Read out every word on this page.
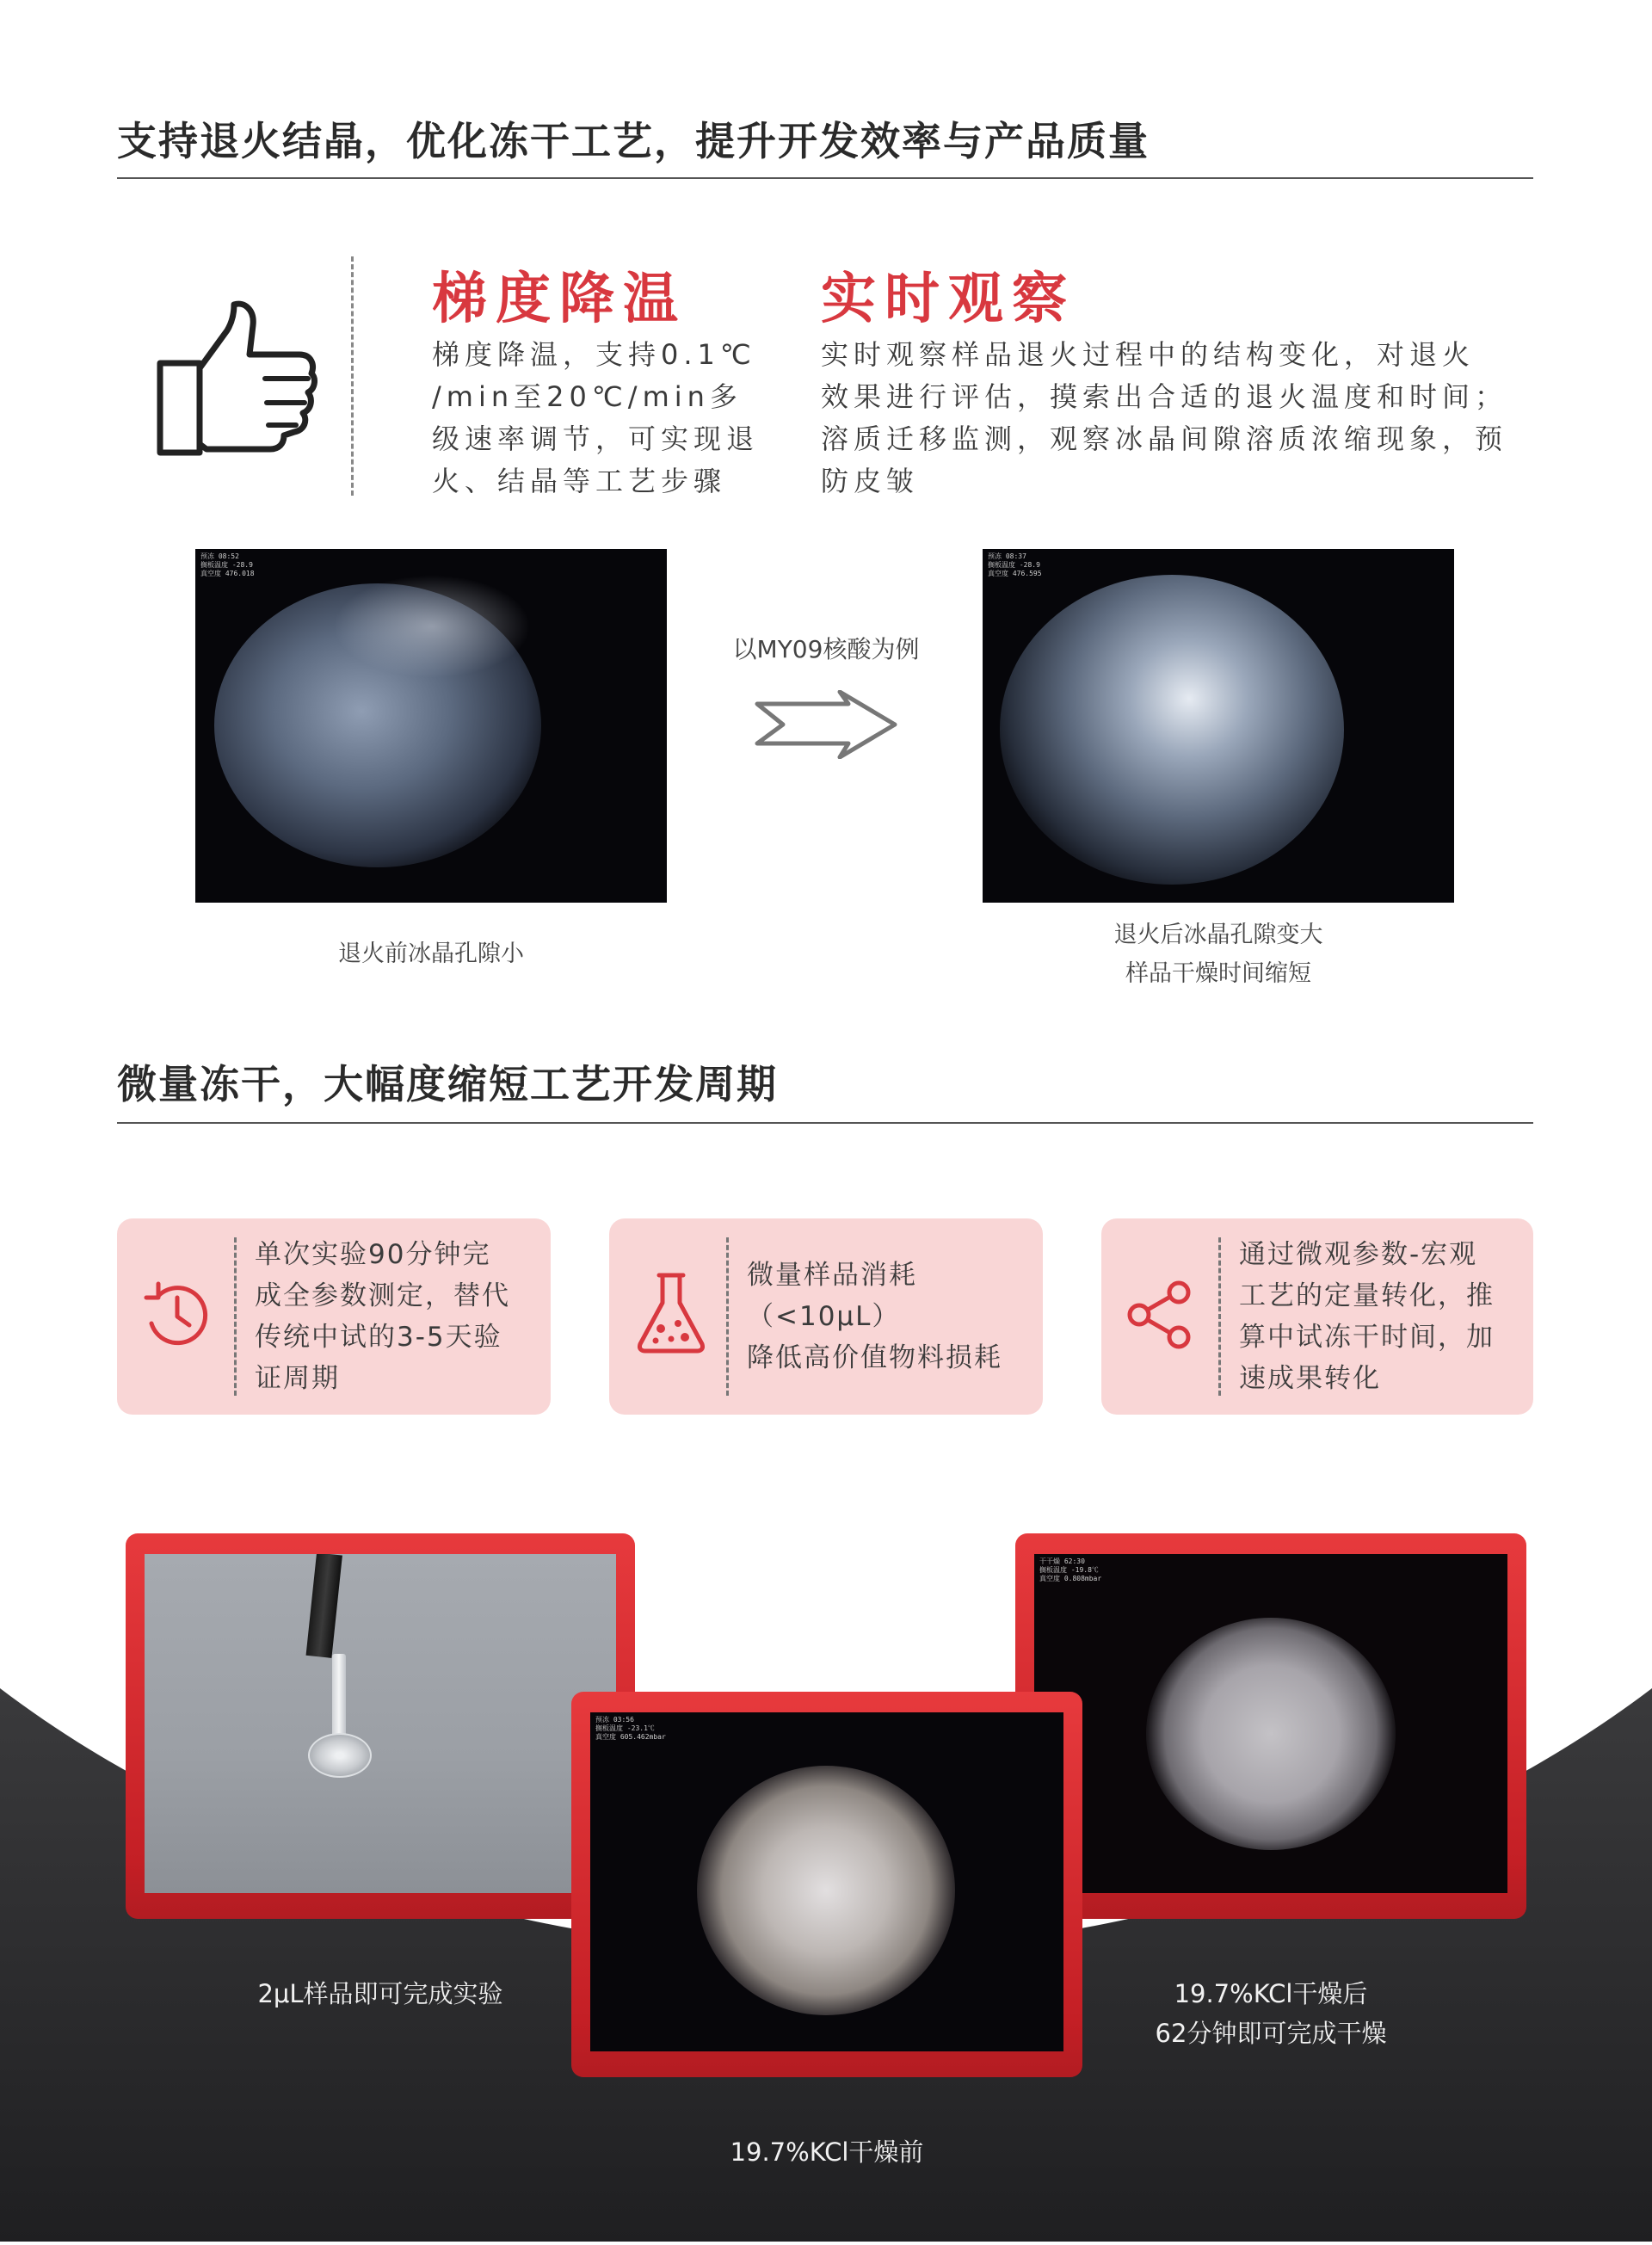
支持退火结晶，优化冻干工艺，提升开发效率与产品质量
梯度降温
梯度降温，支持0.1℃
/min至20℃/min多
级速率调节，可实现退
火、结晶等工艺步骤
实时观察
实时观察样品退火过程中的结构变化，对退火
效果进行评估，摸索出合适的退火温度和时间；
溶质迁移监测，观察冰晶间隙溶质浓缩现象，预
防皮皱
预冻 08:52
搁板温度 -28.9
真空度 476.018
退火前冰晶孔隙小
以MY09核酸为例
预冻 08:37
搁板温度 -28.9
真空度 476.595
退火后冰晶孔隙变大
样品干燥时间缩短
微量冻干，大幅度缩短工艺开发周期
单次实验90分钟完
成全参数测定，替代
传统中试的3-5天验
证周期
微量样品消耗
（<10μL）
降低高价值物料损耗
通过微观参数-宏观
工艺的定量转化，推
算中试冻干时间，加
速成果转化
干干燥 62:30
搁板温度 -19.8℃
真空度 0.808mbar
预冻 03:56
搁板温度 -23.1℃
真空度 605.462mbar
2μL样品即可完成实验
19.7%KCl干燥前
19.7%KCl干燥后
62分钟即可完成干燥
